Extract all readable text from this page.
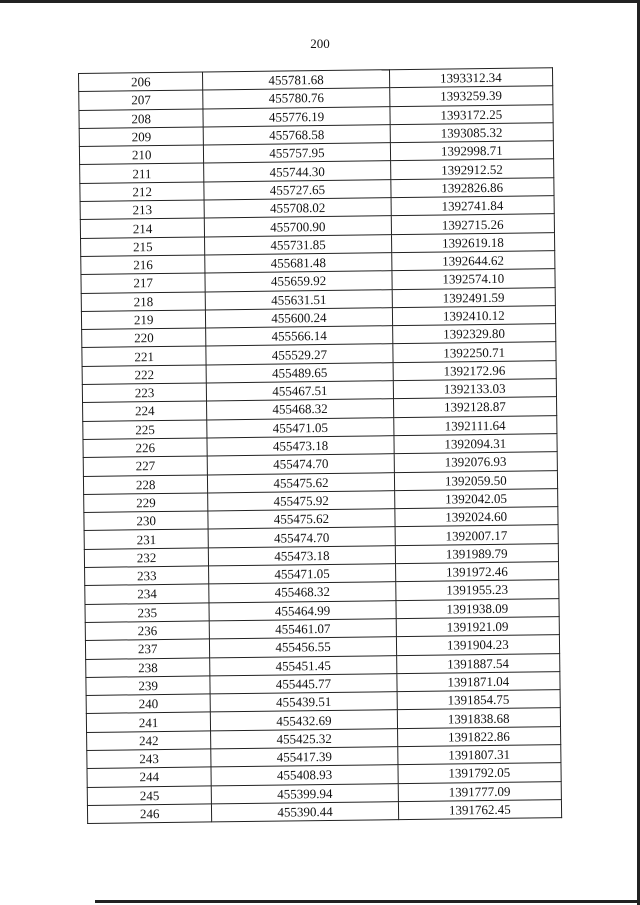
200
206	455781.68	1393312.34
207	455780.76	1393259.39
208	455776.19	1393172.25
209	455768.58	1393085.32
210	455757.95	1392998.71
211	455744.30	1392912.52
212	455727.65	1392826.86
213	455708.02	1392741.84
214	455700.90	1392715.26
215	455731.85	1392619.18
216	455681.48	1392644.62
217	455659.92	1392574.10
218	455631.51	1392491.59
219	455600.24	1392410.12
220	455566.14	1392329.80
221	455529.27	1392250.71
222	455489.65	1392172.96
223	455467.51	1392133.03
224	455468.32	1392128.87
225	455471.05	1392111.64
226	455473.18	1392094.31
227	455474.70	1392076.93
228	455475.62	1392059.50
229	455475.92	1392042.05
230	455475.62	1392024.60
231	455474.70	1392007.17
232	455473.18	1391989.79
233	455471.05	1391972.46
234	455468.32	1391955.23
235	455464.99	1391938.09
236	455461.07	1391921.09
237	455456.55	1391904.23
238	455451.45	1391887.54
239	455445.77	1391871.04
240	455439.51	1391854.75
241	455432.69	1391838.68
242	455425.32	1391822.86
243	455417.39	1391807.31
244	455408.93	1391792.05
245	455399.94	1391777.09
246	455390.44	1391762.45
